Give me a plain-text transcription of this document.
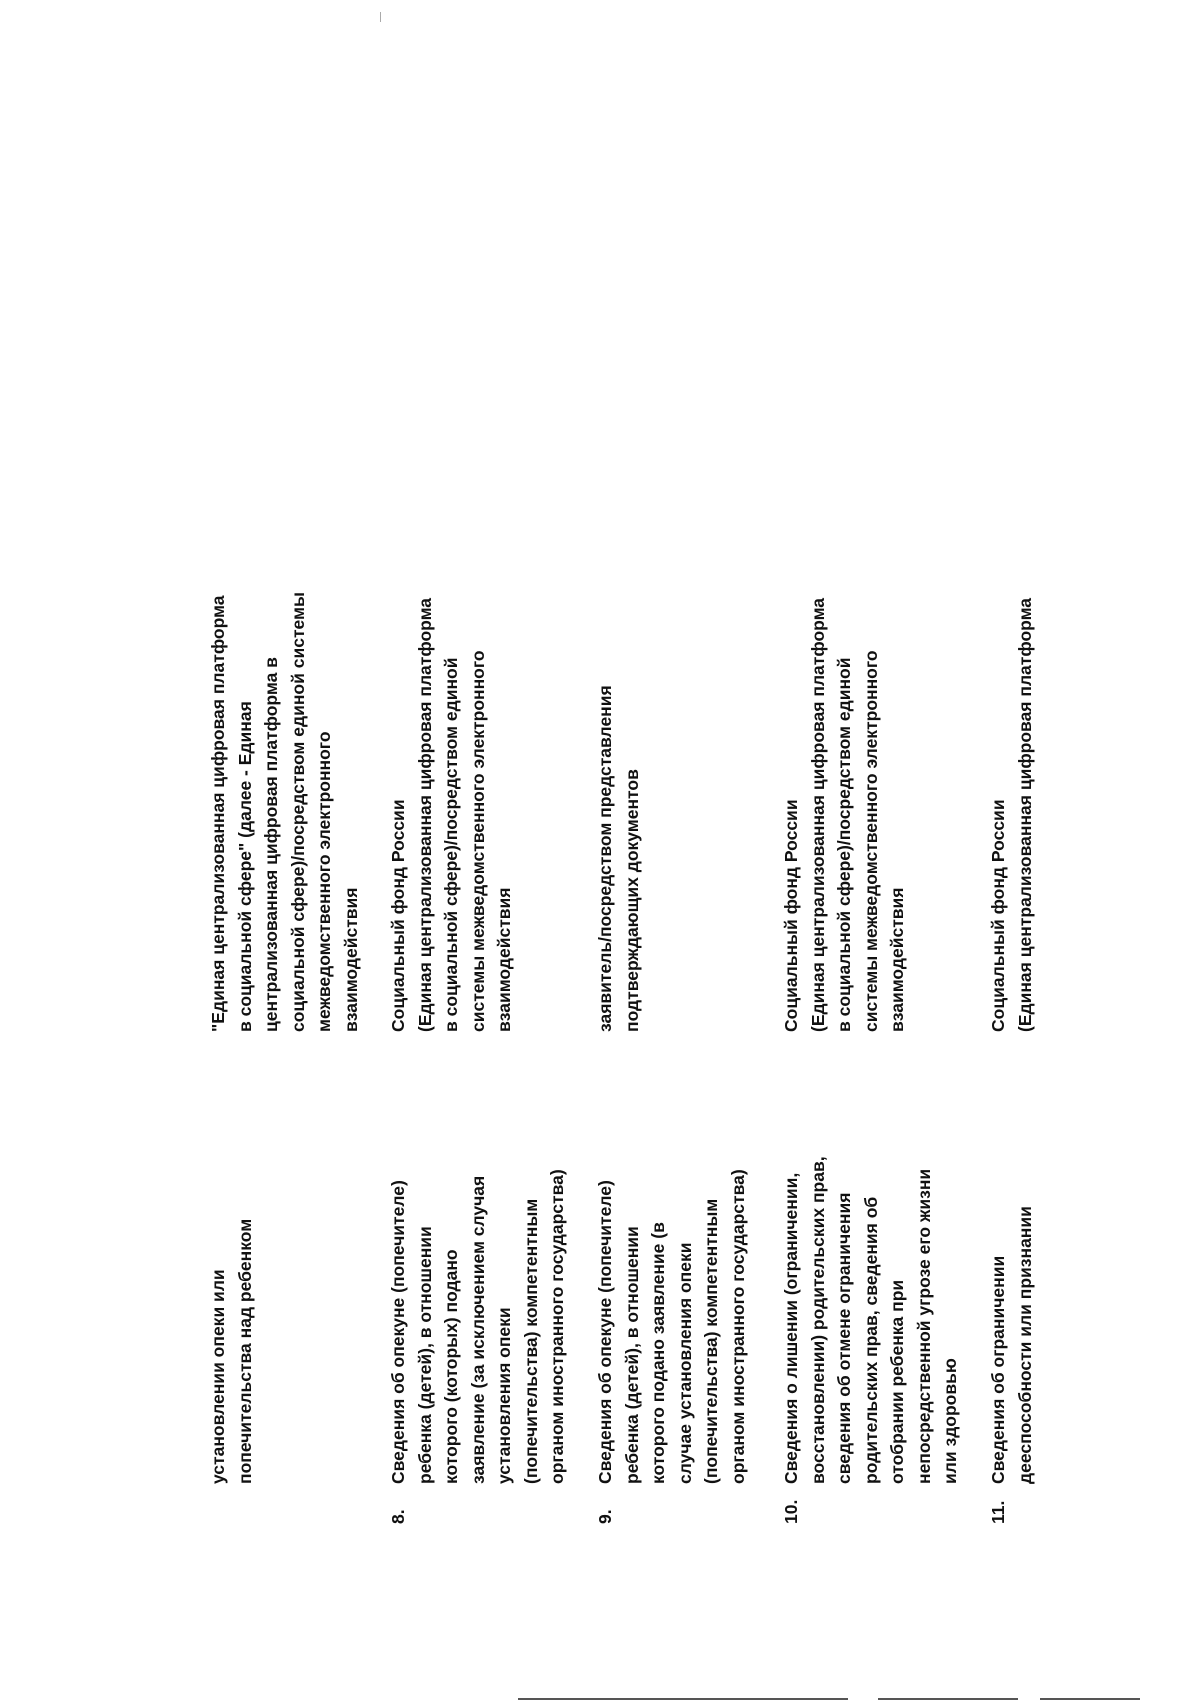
установлении опеки или попечительства над ребенком
"Единая централизованная цифровая платформа в социальной сфере" (далее - Единая централизованная цифровая платформа в социальной сфере)/посредством единой системы межведомственного электронного взаимодействия
8.
Сведения об опекуне (попечителе) ребенка (детей), в отношении которого (которых) подано заявление (за исключением случая установления опеки (попечительства) компетентным органом иностранного государства)
Социальный фонд России (Единая централизованная цифровая платформа в социальной сфере)/посредством единой системы межведомственного электронного взаимодействия
9.
Сведения об опекуне (попечителе) ребенка (детей), в отношении которого подано заявление (в случае установления опеки (попечительства) компетентным органом иностранного государства)
заявитель/посредством представления подтверждающих документов
10.
Сведения о лишении (ограничении, восстановлении) родительских прав, сведения об отмене ограничения родительских прав, сведения об отобрании ребенка при непосредственной угрозе его жизни или здоровью
Социальный фонд России (Единая централизованная цифровая платформа в социальной сфере)/посредством единой системы межведомственного электронного взаимодействия
11.
Сведения об ограничении дееспособности или признании
Социальный фонд России (Единая централизованная цифровая платформа
